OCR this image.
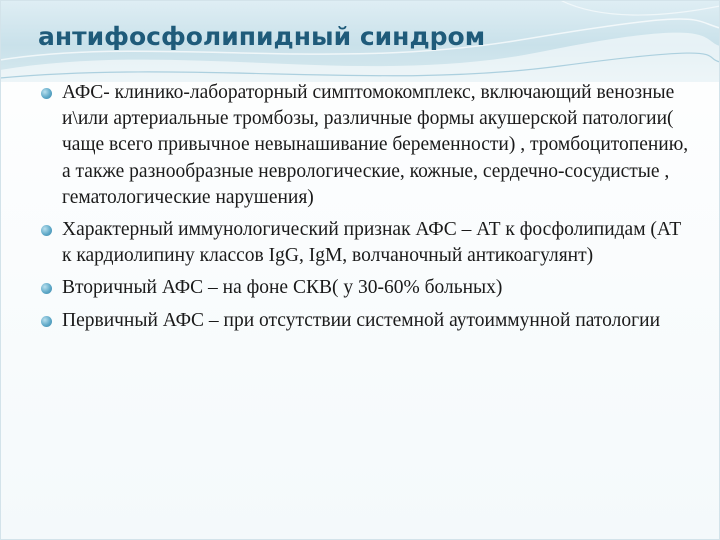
антифосфолипидный синдром
АФС- клинико-лабораторный симптомокомплекс, включающий венозные и\или артериальные тромбозы, различные формы акушерской патологии( чаще всего привычное невынашивание беременности) , тромбоцитопению, а также разнообразные неврологические, кожные, сердечно-сосудистые , гематологические нарушения)
Характерный иммунологический признак АФС – АТ к фосфолипидам (АТ к кардиолипину классов IgG, IgM, волчаночный антикоагулянт)
Вторичный АФС – на фоне СКВ( у 30-60% больных)
Первичный АФС – при отсутствии системной аутоиммунной патологии
